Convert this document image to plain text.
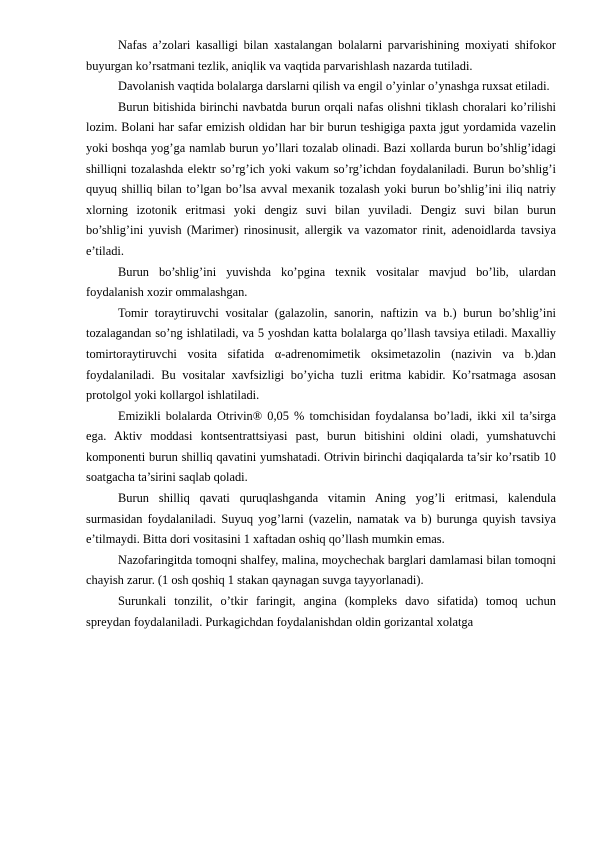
Nafas a’zolari kasalligi bilan xastalangan bolalarni parvarishining moxiyati shifokor buyurgan ko’rsatmani tezlik, aniqlik va vaqtida parvarishlash nazarda tutiladi.

Davolanish vaqtida bolalarga darslarni qilish va engil o’yinlar o’ynashga ruxsat etiladi.

Burun bitishida birinchi navbatda burun orqali nafas olishni tiklash choralari ko’rilishi lozim. Bolani har safar emizish oldidan har bir burun teshigiga paxta jgut yordamida vazelin yoki boshqa yog’ga namlab burun yo’llari tozalab olinadi. Bazi xollarda burun bo’shlig’idagi shilliqni tozalashda elektr so’rg’ich yoki vakum so’rg’ichdan foydalaniladi. Burun bo’shlig’i quyuq shilliq bilan to’lgan bo’lsa avval mexanik tozalash yoki burun bo’shlig’ini iliq natriy xlorning izotonik eritmasi yoki dengiz suvi bilan yuviladi. Dengiz suvi bilan burun bo’shlig’ini yuvish (Marimer) rinosinusit, allergik va vazomator rinit, adenoidlarda tavsiya e’tiladi.

Burun bo’shlig’ini yuvishda ko’pgina texnik vositalar mavjud bo’lib, ulardan foydalanish xozir ommalashgan.

Tomir toraytiruvchi vositalar (galazolin, sanorin, naftizin va b.) burun bo’shlig’ini tozalagandan so’ng ishlatiladi, va 5 yoshdan katta bolalarga qo’llash tavsiya etiladi. Maxalliy tomirtoraytiruvchi vosita sifatida α-adrenomimetik oksimetazolin (nazivin va b.)dan foydalaniladi. Bu vositalar xavfsizligi bo’yicha tuzli eritma kabidir. Ko’rsatmaga asosan protolgol yoki kollargol ishlatiladi.

Emizikli bolalarda Otrivin® 0,05 % tomchisidan foydalansa bo’ladi, ikki xil ta’sirga ega. Aktiv moddasi kontsentrattsiyasi past, burun bitishini oldini oladi, yumshatuvchi komponenti burun shilliq qavatini yumshatadi. Otrivin birinchi daqiqalarda ta’sir ko’rsatib 10 soatgacha ta’sirini saqlab qoladi.

Burun shilliq qavati quruqlashganda vitamin Aning yog’li eritmasi, kalendula surmasidan foydalaniladi. Suyuq yog’larni (vazelin, namatak va b) burunga quyish tavsiya e’tilmaydi. Bitta dori vositasini 1 xaftadan oshiq qo’llash mumkin emas.

Nazofaringitda tomoqni shalfey, malina, moychechak barglari damlamasi bilan tomoqni chayish zarur. (1 osh qoshiq 1 stakan qaynagan suvga tayyorlanadi).

Surunkali tonzilit, o’tkir faringit, angina (kompleks davo sifatida) tomoq uchun spreydan foydalaniladi. Purkagichdan foydalanishdan oldin gorizantal xolatga
